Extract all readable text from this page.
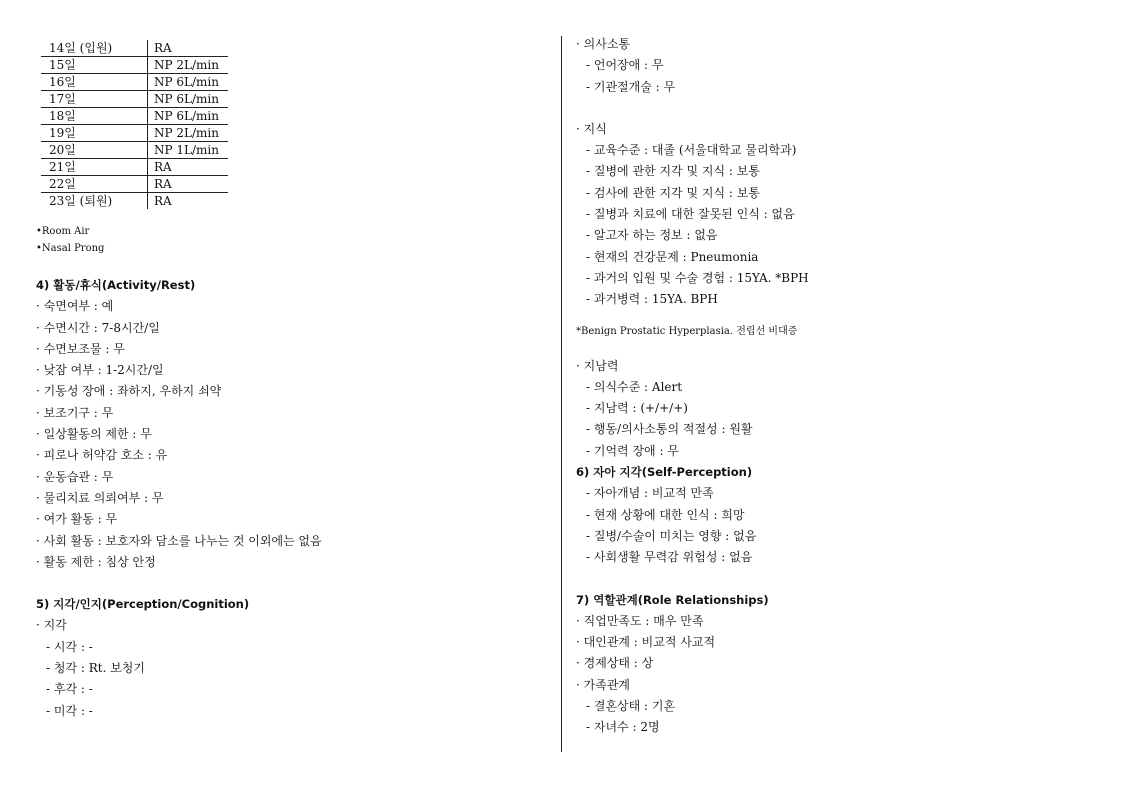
14일 (입원)	RA
15일	NP 2L/min
16일	NP 6L/min
17일	NP 6L/min
18일	NP 6L/min
19일	NP 2L/min
20일	NP 1L/min
21일	RA
22일	RA
23일 (퇴원)	RA

•Room Air

•Nasal Prong

4) 활동/휴식(Activity/Rest)

· 숙면여부 : 예

· 수면시간 : 7-8시간/일

· 수면보조물 : 무

· 낮잠 여부 : 1-2시간/일

· 기동성 장애 : 좌하지, 우하지 쇠약

· 보조기구 : 무

· 일상활동의 제한 : 무

· 피로나 허약감 호소 : 유

· 운동습관 : 무

· 물리치료 의뢰여부 : 무

· 여가 활동 : 무

· 사회 활동 : 보호자와 담소를 나누는 것 이외에는 없음

· 활동 제한 : 침상 안정

5) 지각/인지(Perception/Cognition)

· 지각

- 시각 : -

- 청각 : Rt. 보청기

- 후각 : -

- 미각 : -

· 의사소통

- 언어장애 : 무

- 기관절개술 : 무

· 지식

- 교육수준 : 대졸 (서울대학교 물리학과)

- 질병에 관한 지각 및 지식 : 보통

- 검사에 관한 지각 및 지식 : 보통

- 질병과 치료에 대한 잘못된 인식 : 없음

- 알고자 하는 정보 : 없음

- 현재의 건강문제 : Pneumonia

- 과거의 입원 및 수술 경험 : 15YA. *BPH

- 과거병력 : 15YA. BPH

*Benign Prostatic Hyperplasia. 전립선 비대증

· 지남력

- 의식수준 : Alert

- 지남력 : (+/+/+)

- 행동/의사소통의 적절성 : 원활

- 기억력 장애 : 무

6) 자아 지각(Self-Perception)

- 자아개념 : 비교적 만족

- 현재 상황에 대한 인식 : 희망

- 질병/수술이 미치는 영향 : 없음

- 사회생활 무력감 위험성 : 없음

7) 역할관계(Role Relationships)

· 직업만족도 : 매우 만족

· 대인관계 : 비교적 사교적

· 경제상태 : 상

· 가족관계

- 결혼상태 : 기혼

- 자녀수 : 2명
